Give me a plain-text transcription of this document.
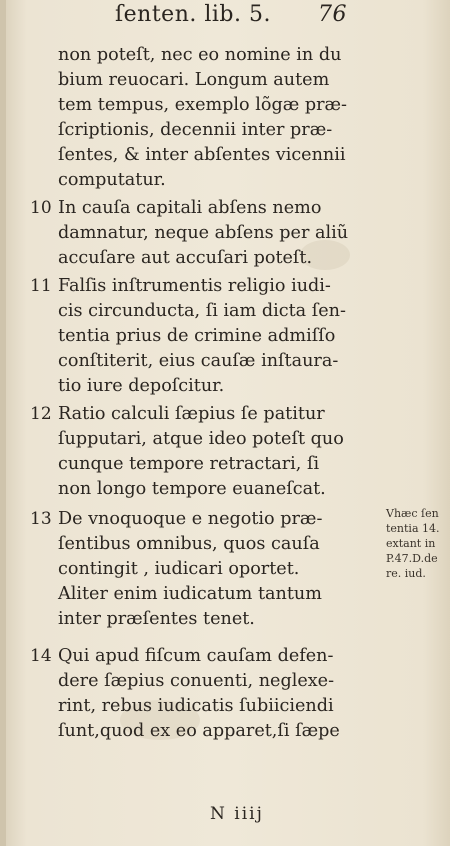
ſenten. lib. 5. 76
non poteſt, nec eo nomine in du
bium reuocari. Longum autem
tem tempus, exemplo lõgæ præ-
ſcriptionis, decennii inter præ-
ſentes, & inter abſentes vicennii
computatur.
10 In cauſa capitali abſens nemo
damnatur, neque abſens per aliũ
accuſare aut accuſari poteſt.
11 Falſis inſtrumentis religio iudi-
cis circunducta, ſi iam dicta ſen-
tentia prius de crimine admiſſo
conſtiterit, eius cauſæ inſtaura-
tio iure depoſcitur.
12 Ratio calculi ſæpius ſe patitur
ſupputari, atque ideo poteſt quo
cunque tempore retractari, ſi
non longo tempore euaneſcat.
13 De vnoquoque e negotio præ-
ſentibus omnibus, quos cauſa
contingit , iudicari oportet.
Aliter enim iudicatum tantum
inter præſentes tenet.
Vhæc ſen
tentia 14.
extant in
P.47.D.de
re. iud.
14 Qui apud fiſcum cauſam defen-
dere ſæpius conuenti, neglexe-
rint, rebus iudicatis ſubiiciendi
ſunt,quod ex eo apparet,ſi ſæpe
N iiij
